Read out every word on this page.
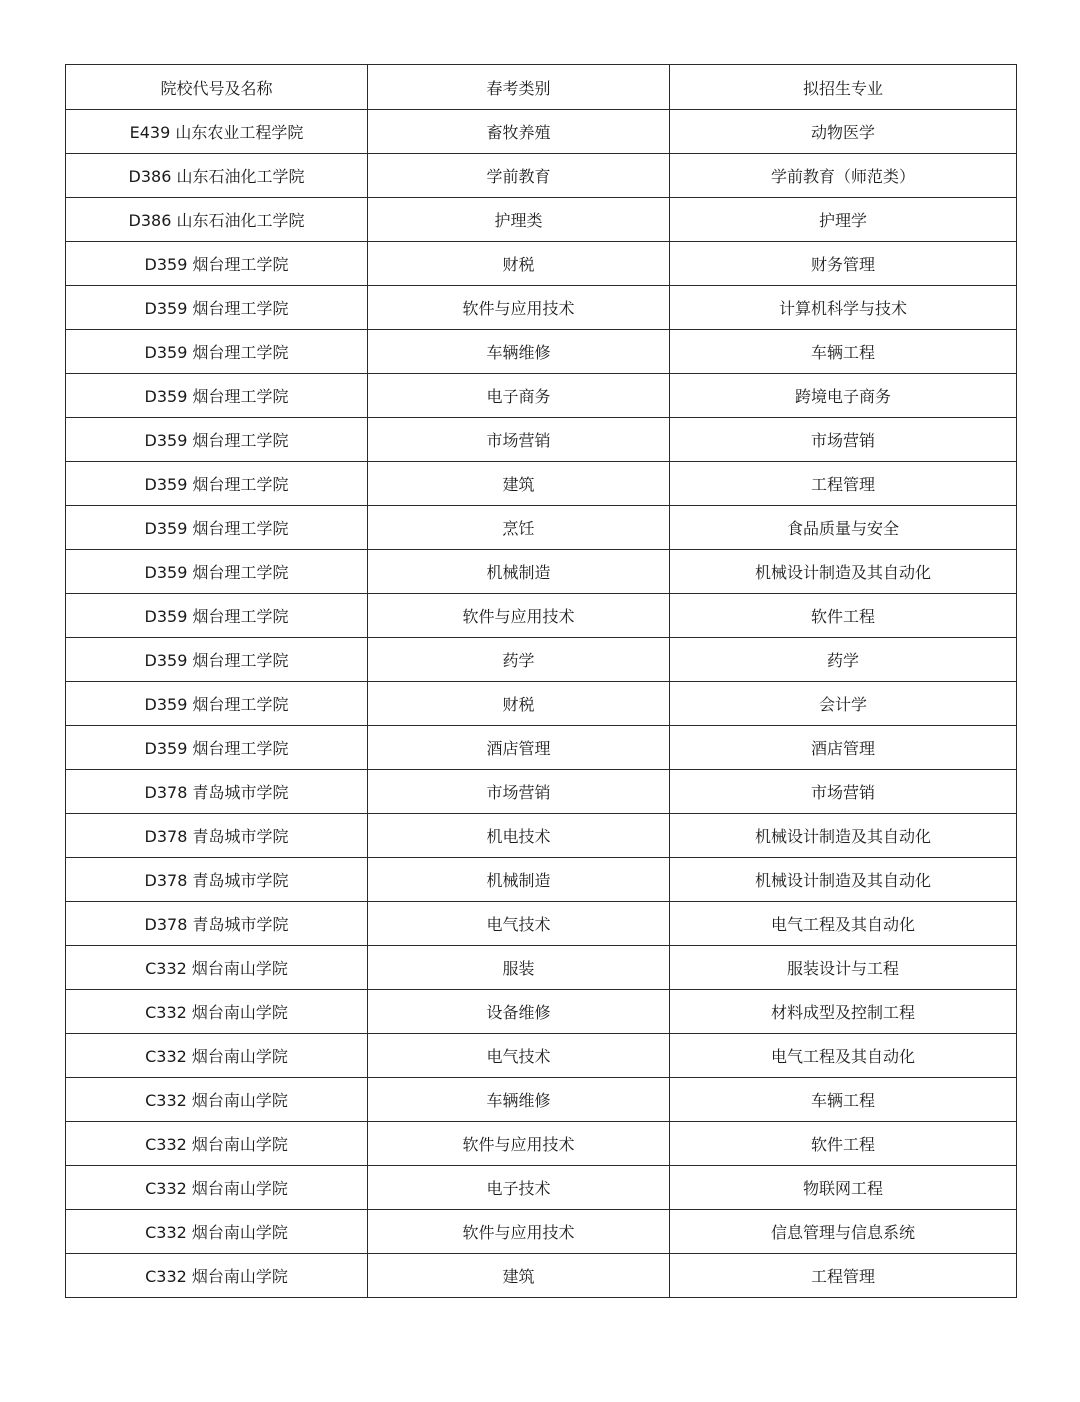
院校代号及名称	春考类别	拟招生专业
E439 山东农业工程学院	畜牧养殖	动物医学
D386 山东石油化工学院	学前教育	学前教育（师范类）
D386 山东石油化工学院	护理类	护理学
D359 烟台理工学院	财税	财务管理
D359 烟台理工学院	软件与应用技术	计算机科学与技术
D359 烟台理工学院	车辆维修	车辆工程
D359 烟台理工学院	电子商务	跨境电子商务
D359 烟台理工学院	市场营销	市场营销
D359 烟台理工学院	建筑	工程管理
D359 烟台理工学院	烹饪	食品质量与安全
D359 烟台理工学院	机械制造	机械设计制造及其自动化
D359 烟台理工学院	软件与应用技术	软件工程
D359 烟台理工学院	药学	药学
D359 烟台理工学院	财税	会计学
D359 烟台理工学院	酒店管理	酒店管理
D378 青岛城市学院	市场营销	市场营销
D378 青岛城市学院	机电技术	机械设计制造及其自动化
D378 青岛城市学院	机械制造	机械设计制造及其自动化
D378 青岛城市学院	电气技术	电气工程及其自动化
C332 烟台南山学院	服装	服装设计与工程
C332 烟台南山学院	设备维修	材料成型及控制工程
C332 烟台南山学院	电气技术	电气工程及其自动化
C332 烟台南山学院	车辆维修	车辆工程
C332 烟台南山学院	软件与应用技术	软件工程
C332 烟台南山学院	电子技术	物联网工程
C332 烟台南山学院	软件与应用技术	信息管理与信息系统
C332 烟台南山学院	建筑	工程管理
